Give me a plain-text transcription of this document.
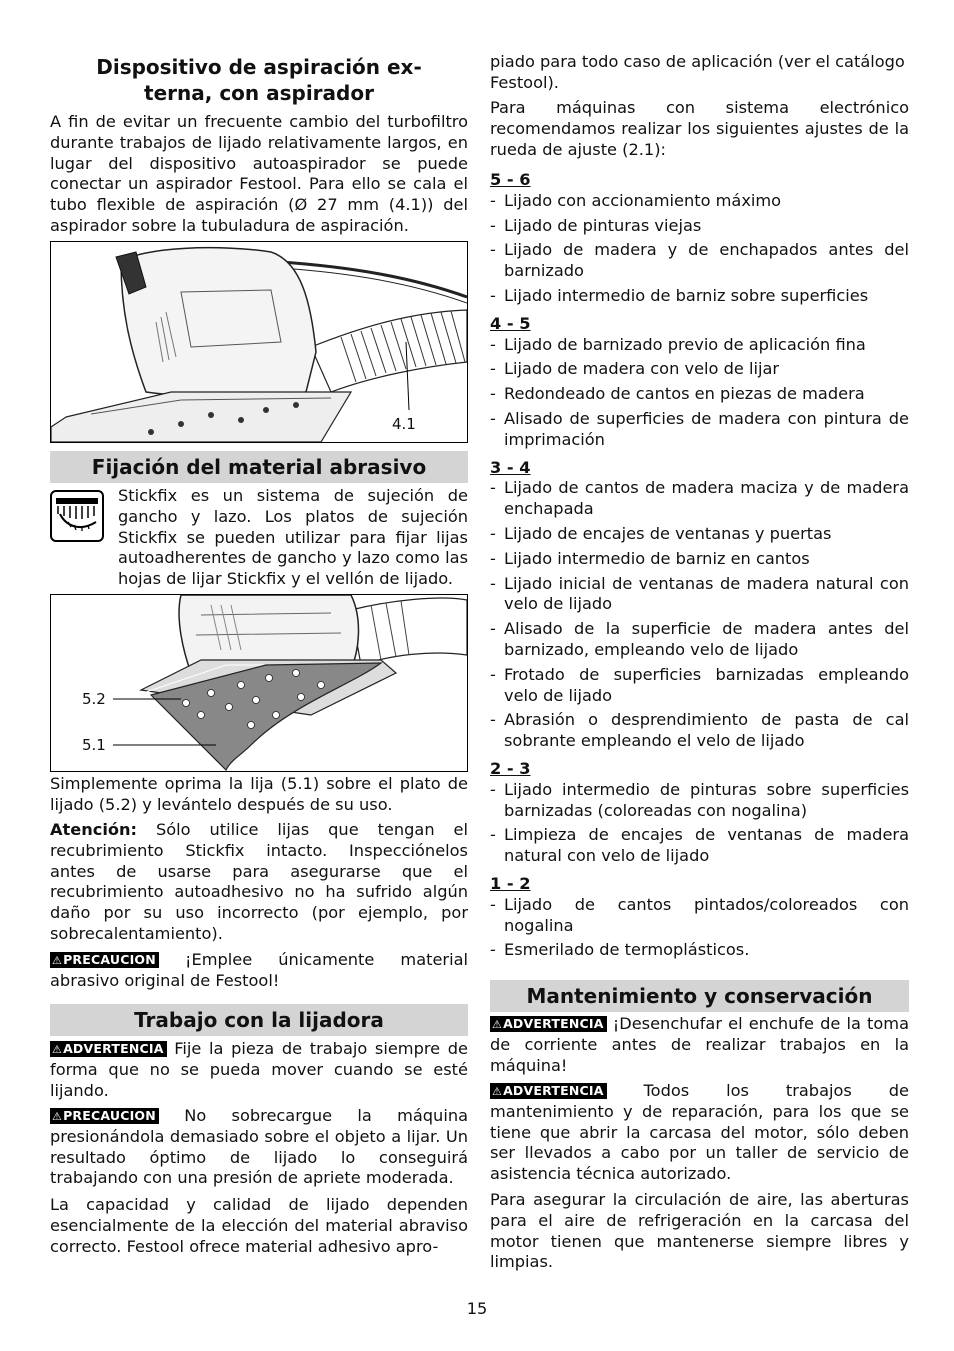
Dispositivo de aspiración ex-
terna, con aspirador

A fin de evitar un frecuente cambio del turbofiltro durante trabajos de lijado relativamente largos, en lugar del dispositivo autoaspirador se puede conectar un aspirador Festool. Para ello se cala el tubo flexible de aspiración (Ø 27 mm (4.1)) del aspirador sobre la tubuladura de aspiración.

4.1
Fijación del material abrasivo

Stickfix es un sistema de sujeción de gancho y lazo. Los platos de sujeción Stickfix se pueden utilizar para fijar lijas autoadherentes de gancho y lazo como las hojas de lijar Stickfix y el vellón de lijado.

5.2
5.1

Simplemente oprima la lija (5.1) sobre el plato de lijado (5.2) y levántelo después de su uso.

Atención: Sólo utilice lijas que tengan el recubrimiento Stickfix intacto. Inspecciónelos antes de usarse para asegurarse que el recubrimiento autoadhesivo no ha sufrido algún daño por su uso incorrecto (por ejemplo, por sobrecalentamiento).

⚠PRECAUCION ¡Emplee únicamente material abrasivo original de Festool!

Trabajo con la lijadora

⚠ADVERTENCIA Fije la pieza de trabajo siempre de forma que no se pueda mover cuando se esté lijando.

⚠PRECAUCION No sobrecargue la máquina presionándola demasiado sobre el objeto a lijar. Un resultado óptimo de lijado lo conseguirá trabajando con una presión de apriete moderada.

La capacidad y calidad de lijado dependen esencialmente de la elección del material abraviso correcto. Festool ofrece material adhesivo apro-

piado para todo caso de aplicación (ver el catálogo Festool).

Para máquinas con sistema electrónico recomendamos realizar los siguientes ajustes de la rueda de ajuste (2.1):

5 - 6

- Lijado con accionamiento máximo
- Lijado de pinturas viejas
- Lijado de madera y de enchapados antes del barnizado
- Lijado intermedio de barniz sobre superficies

4 - 5

- Lijado de barnizado previo de aplicación fina
- Lijado de madera con velo de lijar
- Redondeado de cantos en piezas de madera
- Alisado de superficies de madera con pintura de imprimación

3 - 4

- Lijado de cantos de madera maciza y de madera enchapada
- Lijado de encajes de ventanas y puertas
- Lijado intermedio de barniz en cantos
- Lijado inicial de ventanas de madera natural con velo de lijado
- Alisado de la superficie de madera antes del barnizado, empleando velo de lijado
- Frotado de superficies barnizadas empleando velo de lijado
- Abrasión o desprendimiento de pasta de cal sobrante empleando el velo de lijado

2 - 3

- Lijado intermedio de pinturas sobre superficies barnizadas (coloreadas con nogalina)
- Limpieza de encajes de ventanas de madera natural con velo de lijado

1 - 2

- Lijado de cantos pintados/coloreados con nogalina
- Esmerilado de termoplásticos.
Mantenimiento y conservación

⚠ADVERTENCIA ¡Desenchufar el enchufe de la toma de corriente antes de realizar trabajos en la máquina!

⚠ADVERTENCIA Todos los trabajos de mantenimiento y de reparación, para los que se tiene que abrir la carcasa del motor, sólo deben ser llevados a cabo por un taller de servicio de asistencia técnica autorizado.

Para asegurar la circulación de aire, las aberturas para el aire de refrigeración en la carcasa del motor tienen que mantenerse siempre libres y limpias.

15
